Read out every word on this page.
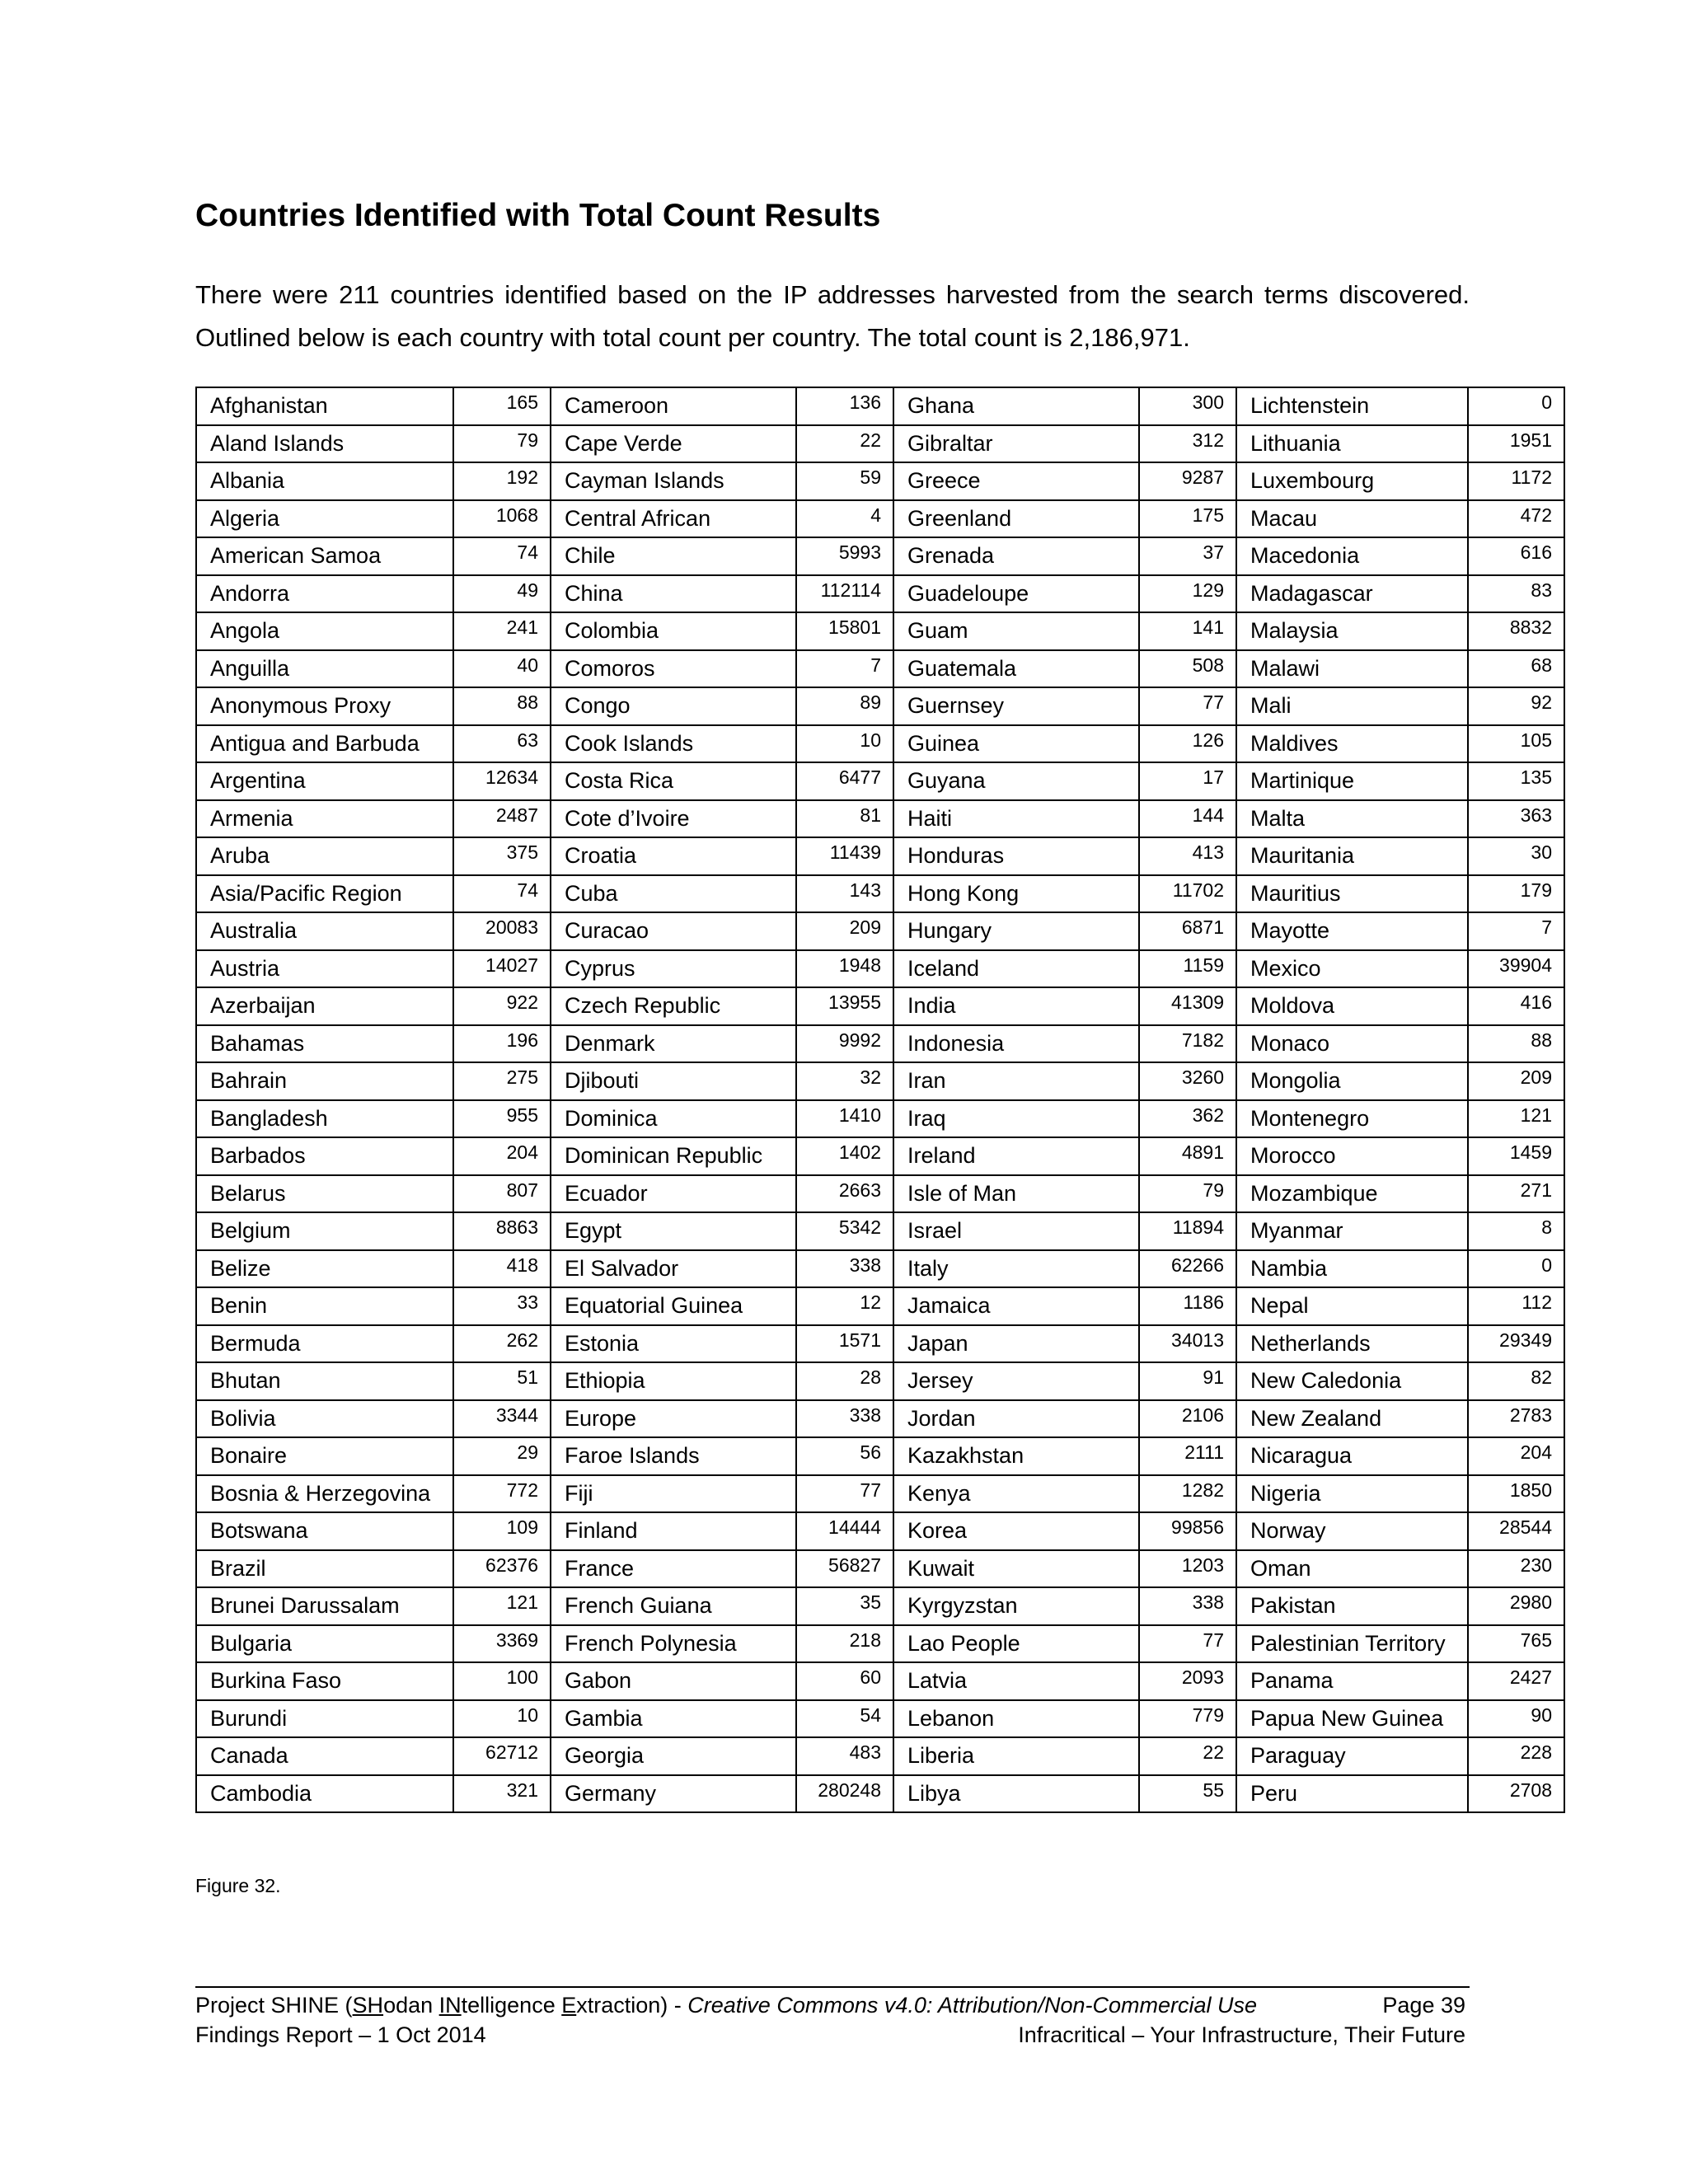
Countries Identified with Total Count Results

There were 211 countries identified based on the IP addresses harvested from the search terms discovered. Outlined below is each country with total count per country. The total count is 2,186,971.

Afghanistan	165	Cameroon	136	Ghana	300	Lichtenstein	0
Aland Islands	79	Cape Verde	22	Gibraltar	312	Lithuania	1951
Albania	192	Cayman Islands	59	Greece	9287	Luxembourg	1172
Algeria	1068	Central African	4	Greenland	175	Macau	472
American Samoa	74	Chile	5993	Grenada	37	Macedonia	616
Andorra	49	China	112114	Guadeloupe	129	Madagascar	83
Angola	241	Colombia	15801	Guam	141	Malaysia	8832
Anguilla	40	Comoros	7	Guatemala	508	Malawi	68
Anonymous Proxy	88	Congo	89	Guernsey	77	Mali	92
Antigua and Barbuda	63	Cook Islands	10	Guinea	126	Maldives	105
Argentina	12634	Costa Rica	6477	Guyana	17	Martinique	135
Armenia	2487	Cote d’Ivoire	81	Haiti	144	Malta	363
Aruba	375	Croatia	11439	Honduras	413	Mauritania	30
Asia/Pacific Region	74	Cuba	143	Hong Kong	11702	Mauritius	179
Australia	20083	Curacao	209	Hungary	6871	Mayotte	7
Austria	14027	Cyprus	1948	Iceland	1159	Mexico	39904
Azerbaijan	922	Czech Republic	13955	India	41309	Moldova	416
Bahamas	196	Denmark	9992	Indonesia	7182	Monaco	88
Bahrain	275	Djibouti	32	Iran	3260	Mongolia	209
Bangladesh	955	Dominica	1410	Iraq	362	Montenegro	121
Barbados	204	Dominican Republic	1402	Ireland	4891	Morocco	1459
Belarus	807	Ecuador	2663	Isle of Man	79	Mozambique	271
Belgium	8863	Egypt	5342	Israel	11894	Myanmar	8
Belize	418	El Salvador	338	Italy	62266	Nambia	0
Benin	33	Equatorial Guinea	12	Jamaica	1186	Nepal	112
Bermuda	262	Estonia	1571	Japan	34013	Netherlands	29349
Bhutan	51	Ethiopia	28	Jersey	91	New Caledonia	82
Bolivia	3344	Europe	338	Jordan	2106	New Zealand	2783
Bonaire	29	Faroe Islands	56	Kazakhstan	2111	Nicaragua	204
Bosnia & Herzegovina	772	Fiji	77	Kenya	1282	Nigeria	1850
Botswana	109	Finland	14444	Korea	99856	Norway	28544
Brazil	62376	France	56827	Kuwait	1203	Oman	230
Brunei Darussalam	121	French Guiana	35	Kyrgyzstan	338	Pakistan	2980
Bulgaria	3369	French Polynesia	218	Lao People	77	Palestinian Territory	765
Burkina Faso	100	Gabon	60	Latvia	2093	Panama	2427
Burundi	10	Gambia	54	Lebanon	779	Papua New Guinea	90
Canada	62712	Georgia	483	Liberia	22	Paraguay	228
Cambodia	321	Germany	280248	Libya	55	Peru	2708
Figure 32.
Project SHINE (SHodan INtelligence Extraction) - Creative Commons v4.0: Attribution/Non-Commercial Use	Page 39
Findings Report – 1 Oct 2014	Infracritical – Your Infrastructure, Their Future
